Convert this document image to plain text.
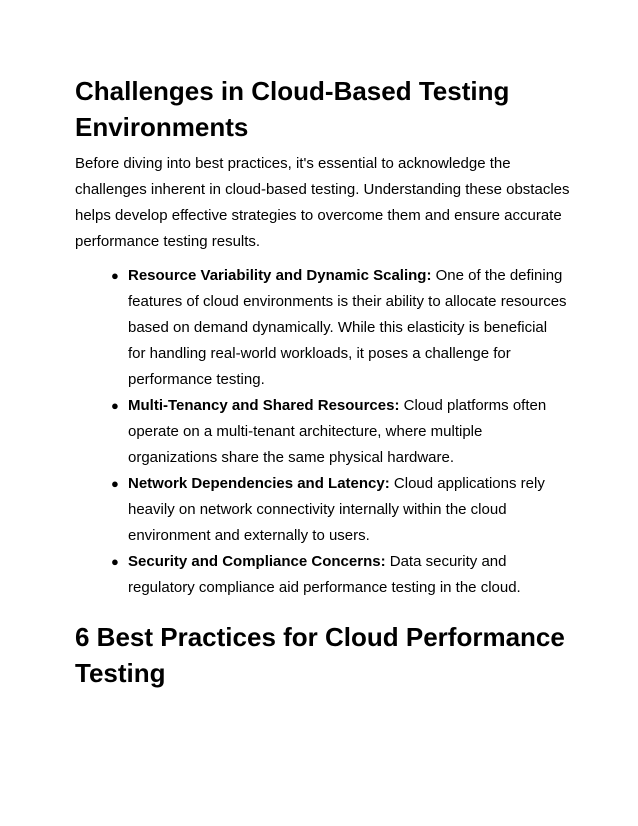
Challenges in Cloud-Based Testing Environments

Before diving into best practices, it's essential to acknowledge the challenges inherent in cloud-based testing. Understanding these obstacles helps develop effective strategies to overcome them and ensure accurate performance testing results.

● Resource Variability and Dynamic Scaling: One of the defining features of cloud environments is their ability to allocate resources based on demand dynamically. While this elasticity is beneficial for handling real-world workloads, it poses a challenge for performance testing.
● Multi-Tenancy and Shared Resources: Cloud platforms often operate on a multi-tenant architecture, where multiple organizations share the same physical hardware.
● Network Dependencies and Latency: Cloud applications rely heavily on network connectivity internally within the cloud environment and externally to users.
● Security and Compliance Concerns: Data security and regulatory compliance aid performance testing in the cloud.
6 Best Practices for Cloud Performance Testing
